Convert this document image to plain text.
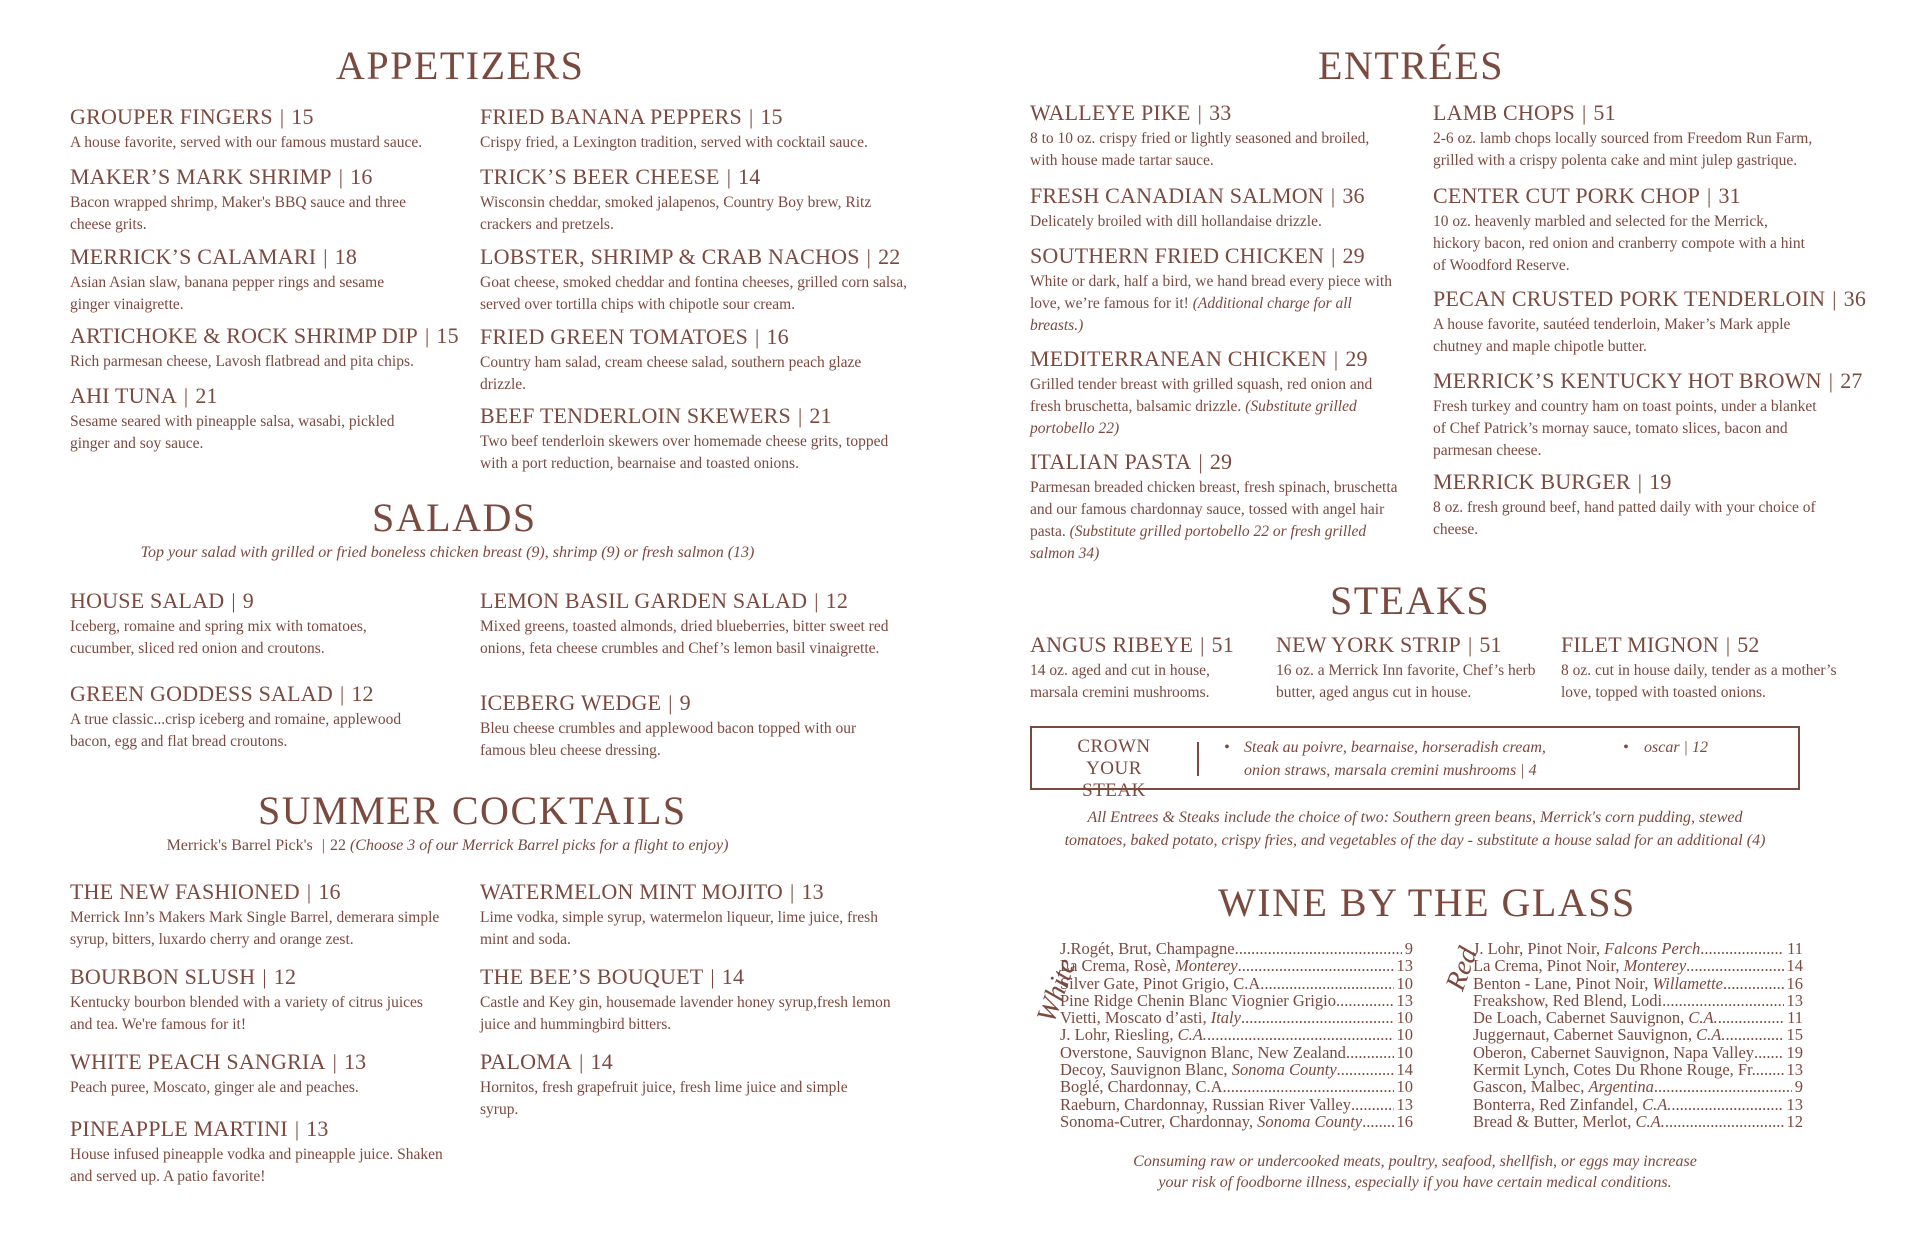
APPETIZERS
GROUPER FINGERS | 15
A house favorite, served with our famous mustard sauce.
MAKER’S MARK SHRIMP | 16
Bacon wrapped shrimp, Maker's BBQ sauce and three cheese grits.
MERRICK’S CALAMARI | 18
Asian Asian slaw, banana pepper rings and sesame ginger vinaigrette.
ARTICHOKE & ROCK SHRIMP DIP | 15
Rich parmesan cheese, Lavosh flatbread and pita chips.
AHI TUNA | 21
Sesame seared with pineapple salsa, wasabi, pickled ginger and soy sauce.
FRIED BANANA PEPPERS | 15
Crispy fried, a Lexington tradition, served with cocktail sauce.
TRICK’S BEER CHEESE | 14
Wisconsin cheddar, smoked jalapenos, Country Boy brew, Ritz crackers and pretzels.
LOBSTER, SHRIMP & CRAB NACHOS | 22
Goat cheese, smoked cheddar and fontina cheeses, grilled corn salsa, served over tortilla chips with chipotle sour cream.
FRIED GREEN TOMATOES | 16
Country ham salad, cream cheese salad, southern peach glaze drizzle.
BEEF TENDERLOIN SKEWERS | 21
Two beef tenderloin skewers over homemade cheese grits, topped with a port reduction, bearnaise and toasted onions.
SALADS
Top your salad with grilled or fried boneless chicken breast (9), shrimp (9) or fresh salmon (13)
HOUSE SALAD | 9
Iceberg, romaine and spring mix with tomatoes, cucumber, sliced red onion and croutons.
GREEN GODDESS SALAD | 12
A true classic...crisp iceberg and romaine, applewood bacon, egg and flat bread croutons.
LEMON BASIL GARDEN SALAD | 12
Mixed greens, toasted almonds, dried blueberries, bitter sweet red onions, feta cheese crumbles and Chef’s lemon basil vinaigrette.
ICEBERG WEDGE | 9
Bleu cheese crumbles and applewood bacon topped with our famous bleu cheese dressing.
SUMMER COCKTAILS
Merrick's Barrel Pick's | 22 (Choose 3 of our Merrick Barrel picks for a flight to enjoy)
THE NEW FASHIONED | 16
Merrick Inn’s Makers Mark Single Barrel, demerara simple syrup, bitters, luxardo cherry and orange zest.
BOURBON SLUSH | 12
Kentucky bourbon blended with a variety of citrus juices and tea. We're famous for it!
WHITE PEACH SANGRIA | 13
Peach puree, Moscato, ginger ale and peaches.
PINEAPPLE MARTINI | 13
House infused pineapple vodka and pineapple juice. Shaken and served up. A patio favorite!
WATERMELON MINT MOJITO | 13
Lime vodka, simple syrup, watermelon liqueur, lime juice, fresh mint and soda.
THE BEE’S BOUQUET | 14
Castle and Key gin, housemade lavender honey syrup,fresh lemon juice and hummingbird bitters.
PALOMA | 14
Hornitos, fresh grapefruit juice, fresh lime juice and simple syrup.
ENTRÉES
WALLEYE PIKE | 33
8 to 10 oz. crispy fried or lightly seasoned and broiled, with house made tartar sauce.
FRESH CANADIAN SALMON | 36
Delicately broiled with dill hollandaise drizzle.
SOUTHERN FRIED CHICKEN | 29
White or dark, half a bird, we hand bread every piece with love, we’re famous for it! (Additional charge for all breasts.)
MEDITERRANEAN CHICKEN | 29
Grilled tender breast with grilled squash, red onion and fresh bruschetta, balsamic drizzle. (Substitute grilled portobello 22)
ITALIAN PASTA | 29
Parmesan breaded chicken breast, fresh spinach, bruschetta and our famous chardonnay sauce, tossed with angel hair pasta. (Substitute grilled portobello 22 or fresh grilled salmon 34)
LAMB CHOPS | 51
2-6 oz. lamb chops locally sourced from Freedom Run Farm, grilled with a crispy polenta cake and mint julep gastrique.
CENTER CUT PORK CHOP | 31
10 oz. heavenly marbled and selected for the Merrick, hickory bacon, red onion and cranberry compote with a hint of Woodford Reserve.
PECAN CRUSTED PORK TENDERLOIN | 36
A house favorite, sautéed tenderloin, Maker’s Mark apple chutney and maple chipotle butter.
MERRICK’S KENTUCKY HOT BROWN | 27
Fresh turkey and country ham on toast points, under a blanket of Chef Patrick’s mornay sauce, tomato slices, bacon and parmesan cheese.
MERRICK BURGER | 19
8 oz. fresh ground beef, hand patted daily with your choice of cheese.
STEAKS
ANGUS RIBEYE | 51
14 oz. aged and cut in house, marsala cremini mushrooms.
NEW YORK STRIP | 51
16 oz. a Merrick Inn favorite, Chef’s herb butter, aged angus cut in house.
FILET MIGNON | 52
8 oz. cut in house daily, tender as a mother’s love, topped with toasted onions.
CROWN
YOUR STEAK
• Steak au poivre, bearnaise, horseradish cream,
onion straws, marsala cremini mushrooms | 4
• oscar | 12
All Entrees & Steaks include the choice of two: Southern green beans, Merrick's corn pudding, stewed
tomatoes, baked potato, crispy fries, and vegetables of the day - substitute a house salad for an additional (4)
WINE BY THE GLASS
White	Red
J.Rogét, Brut, Champagne .....	9
La Crema, Rosè, Monterey .....	13
Silver Gate, Pinot Grigio, C.A. .....	10
Pine Ridge Chenin Blanc Viognier Grigio .....	13
Vietti, Moscato d’asti, Italy .....	10
J. Lohr, Riesling, C.A. .....	10
Overstone, Sauvignon Blanc, New Zealand .....	10
Decoy, Sauvignon Blanc, Sonoma County .....	14
Boglé, Chardonnay, C.A. .....	10
Raeburn, Chardonnay, Russian River Valley .....	13
Sonoma-Cutrer, Chardonnay, Sonoma County ..... 16
J. Lohr, Pinot Noir, Falcons Perch .....	11
La Crema, Pinot Noir, Monterey .....	14
Benton - Lane, Pinot Noir, Willamette .....	16
Freakshow, Red Blend, Lodi .....	13
De Loach, Cabernet Sauvignon, C.A. .....	11
Juggernaut, Cabernet Sauvignon, C.A. .....	15
Oberon, Cabernet Sauvignon, Napa Valley ..... 19
Kermit Lynch, Cotes Du Rhone Rouge, Fr. ..... 13
Gascon, Malbec, Argentina .....	9
Bonterra, Red Zinfandel, C.A. .....	13
Bread & Butter, Merlot, C.A. .....	12
Consuming raw or undercooked meats, poultry, seafood, shellfish, or eggs may increase
your risk of foodborne illness, especially if you have certain medical conditions.
